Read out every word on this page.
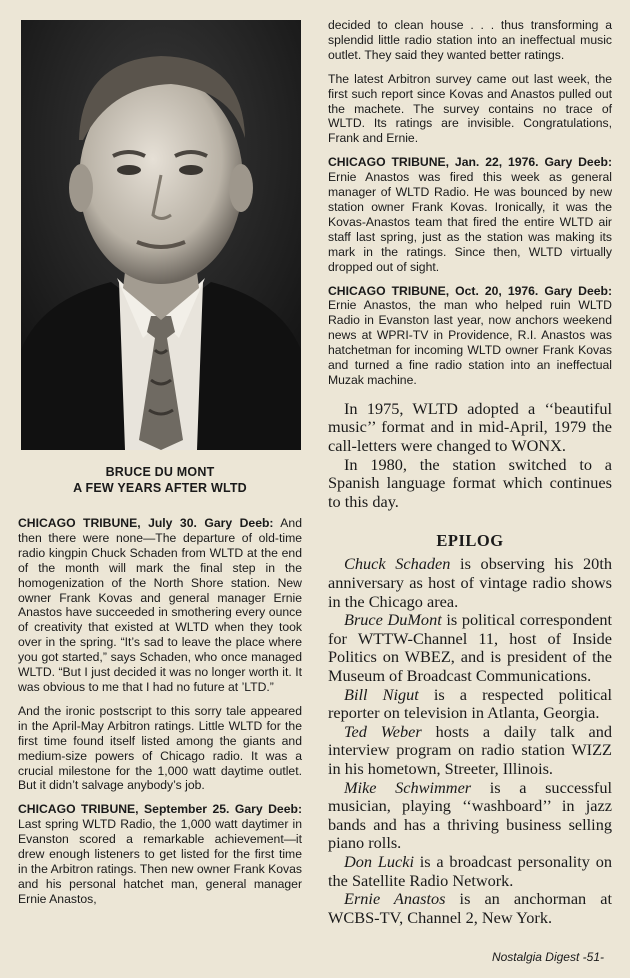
BRUCE DU MONT
A FEW YEARS AFTER WLTD

CHICAGO TRIBUNE, July 30. Gary Deeb: And then there were none—The departure of old-time radio kingpin Chuck Schaden from WLTD at the end of the month will mark the final step in the homogenization of the North Shore station. New owner Frank Kovas and general manager Ernie Anastos have succeeded in smothering every ounce of creativity that existed at WLTD when they took over in the spring. “It’s sad to leave the place where you got started,” says Schaden, who once managed WLTD. “But I just decided it was no longer worth it. It was obvious to me that I had no future at ’LTD.”

And the ironic postscript to this sorry tale appeared in the April-May Arbitron ratings. Little WLTD for the first time found itself listed among the giants and medium-size powers of Chicago radio. It was a crucial milestone for the 1,000 watt daytime outlet. But it didn’t salvage anybody’s job.

CHICAGO TRIBUNE, September 25. Gary Deeb: Last spring WLTD Radio, the 1,000 watt daytimer in Evanston scored a remarkable achievement—it drew enough listeners to get listed for the first time in the Arbitron ratings. Then new owner Frank Kovas and his personal hatchet man, general manager Ernie Anastos,

decided to clean house . . . thus transforming a splendid little radio station into an ineffectual music outlet. They said they wanted better ratings.

The latest Arbitron survey came out last week, the first such report since Kovas and Anastos pulled out the machete. The survey contains no trace of WLTD. Its ratings are invisible. Congratulations, Frank and Ernie.

CHICAGO TRIBUNE, Jan. 22, 1976. Gary Deeb: Ernie Anastos was fired this week as general manager of WLTD Radio. He was bounced by new station owner Frank Kovas. Ironically, it was the Kovas-Anastos team that fired the entire WLTD air staff last spring, just as the station was making its mark in the ratings. Since then, WLTD virtually dropped out of sight.

CHICAGO TRIBUNE, Oct. 20, 1976. Gary Deeb: Ernie Anastos, the man who helped ruin WLTD Radio in Evanston last year, now anchors weekend news at WPRI-TV in Providence, R.I. Anastos was hatchetman for incoming WLTD owner Frank Kovas and turned a fine radio station into an ineffectual Muzak machine.

In 1975, WLTD adopted a ‘‘beautiful music’’ format and in mid-April, 1979 the call-letters were changed to WONX.

In 1980, the station switched to a Spanish language format which continues to this day.

EPILOG

Chuck Schaden is observing his 20th anniversary as host of vintage radio shows in the Chicago area.

Bruce DuMont is political correspondent for WTTW-Channel 11, host of Inside Politics on WBEZ, and is president of the Museum of Broadcast Communications.

Bill Nigut is a respected political reporter on television in Atlanta, Georgia.

Ted Weber hosts a daily talk and interview program on radio station WIZZ in his hometown, Streeter, Illinois.

Mike Schwimmer is a successful musician, playing ‘‘washboard’’ in jazz bands and has a thriving business selling piano rolls.

Don Lucki is a broadcast personality on the Satellite Radio Network.

Ernie Anastos is an anchorman at WCBS-TV, Channel 2, New York.

Nostalgia Digest -51-
